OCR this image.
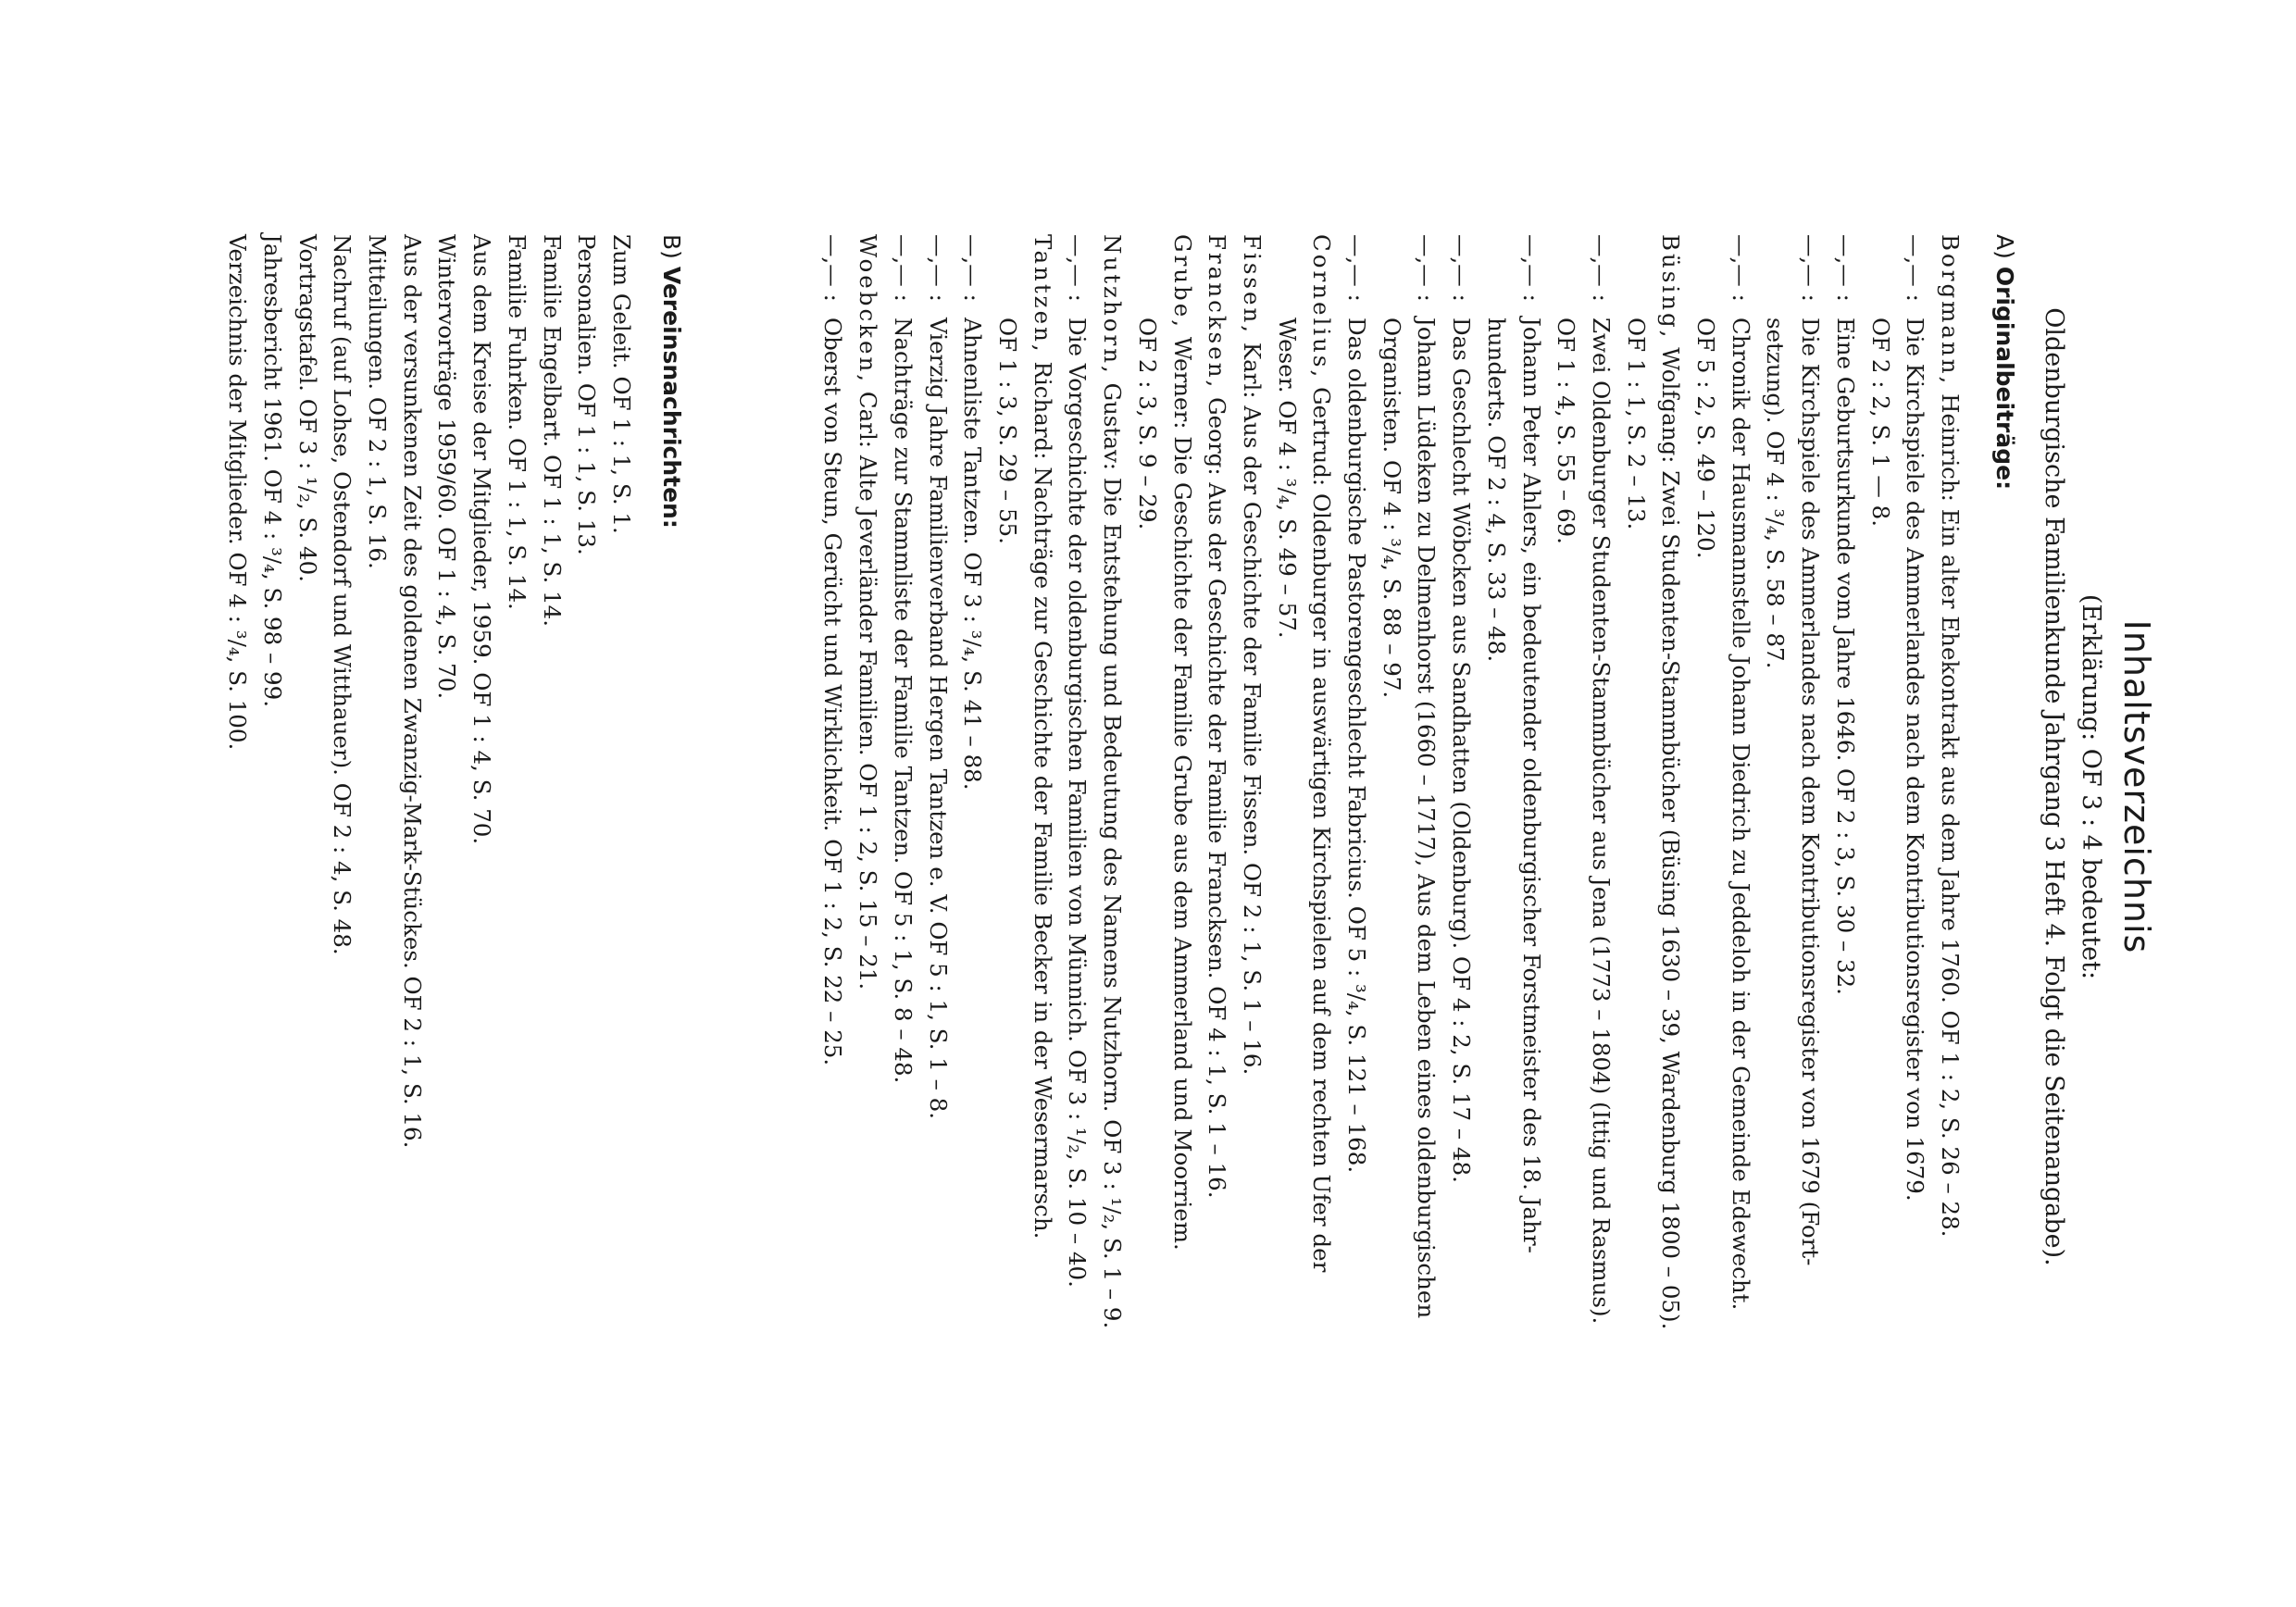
Inhaltsverzeichnis
(Erklärung: OF 3 : 4 bedeutet:
Oldenburgische Familienkunde Jahrgang 3 Heft 4. Folgt die Seitenangabe).
A) Originalbeiträge:
Borgmann, Heinrich: Ein alter Ehekontrakt aus dem Jahre 1760. OF 1 : 2, S. 26 – 28.
—,— :
Die Kirchspiele des Ammerlandes nach dem Kontributionsregister von 1679.
OF 2 : 2, S. 1 — 8.
—,— :
Eine Geburtsurkunde vom Jahre 1646. OF 2 : 3, S. 30 – 32.
—,— :
Die Kirchspiele des Ammerlandes nach dem Kontributionsregister von 1679 (Fort-
setzung). OF 4 : ³/₄, S. 58 – 87.
—,— :
Chronik der Hausmannstelle Johann Diedrich zu Jeddeloh in der Gemeinde Edewecht.
OF 5 : 2, S. 49 – 120.
Büsing, Wolfgang: Zwei Studenten-Stammbücher (Büsing 1630 – 39, Wardenburg 1800 – 05).
OF 1 : 1, S. 2 – 13.
—,— :
Zwei Oldenburger Studenten-Stammbücher aus Jena (1773 – 1804) (Ittig und Rasmus).
OF 1 : 4, S. 55 – 69.
—,— :
Johann Peter Ahlers, ein bedeutender oldenburgischer Forstmeister des 18. Jahr-
hunderts. OF 2 : 4, S. 33 – 48.
—,— :
Das Geschlecht Wöbcken aus Sandhatten (Oldenburg). OF 4 : 2, S. 17 – 48.
—,— :
Johann Lüdeken zu Delmenhorst (1660 – 1717), Aus dem Leben eines oldenburgischen
Organisten. OF 4 : ³/₄, S. 88 – 97.
—,— :
Das oldenburgische Pastorengeschlecht Fabricius. OF 5 : ³/₄, S. 121 – 168.
Cornelius, Gertrud: Oldenburger in auswärtigen Kirchspielen auf dem rechten Ufer der
Weser. OF 4 : ³/₄, S. 49 – 57.
Fissen, Karl: Aus der Geschichte der Familie Fissen. OF 2 : 1, S. 1 – 16.
Francksen, Georg: Aus der Geschichte der Familie Francksen. OF 4 : 1, S. 1 – 16.
Grube, Werner: Die Geschichte der Familie Grube aus dem Ammerland und Moorriem.
OF 2 : 3, S. 9 – 29.
Nutzhorn, Gustav: Die Entstehung und Bedeutung des Namens Nutzhorn. OF 3 : ¹/₂, S. 1 – 9.
—,— :
Die Vorgeschichte der oldenburgischen Familien von Münnich. OF 3 : ¹/₂, S. 10 – 40.
Tantzen, Richard: Nachträge zur Geschichte der Familie Becker in der Wesermarsch.
OF 1 : 3, S. 29 – 55.
—,— :
Ahnenliste Tantzen. OF 3 : ³/₄, S. 41 – 88.
—,— :
Vierzig Jahre Familienverband Hergen Tantzen e. V. OF 5 : 1, S. 1 – 8.
—,— :
Nachträge zur Stammliste der Familie Tantzen. OF 5 : 1, S. 8 – 48.
Woebcken, Carl: Alte Jeverländer Familien. OF 1 : 2, S. 15 – 21.
—,— :
Oberst von Steun, Gerücht und Wirklichkeit. OF 1 : 2, S. 22 – 25.
B) Vereinsnachrichten:
Zum Geleit. OF 1 : 1, S. 1.
Personalien. OF 1 : 1, S. 13.
Familie Engelbart. OF 1 : 1, S. 14.
Familie Fuhrken. OF 1 : 1, S. 14.
Aus dem Kreise der Mitglieder, 1959. OF 1 : 4, S. 70.
Wintervorträge 1959/60. OF 1 : 4, S. 70.
Aus der versunkenen Zeit des goldenen Zwanzig-Mark-Stückes. OF 2 : 1, S. 16.
Mitteilungen. OF 2 : 1, S. 16.
Nachruf (auf Lohse, Ostendorf und Witthauer). OF 2 : 4, S. 48.
Vortragstafel. OF 3 : ¹/₂, S. 40.
Jahresbericht 1961. OF 4 : ³/₄, S. 98 – 99.
Verzeichnis der Mitglieder. OF 4 : ³/₄, S. 100.
